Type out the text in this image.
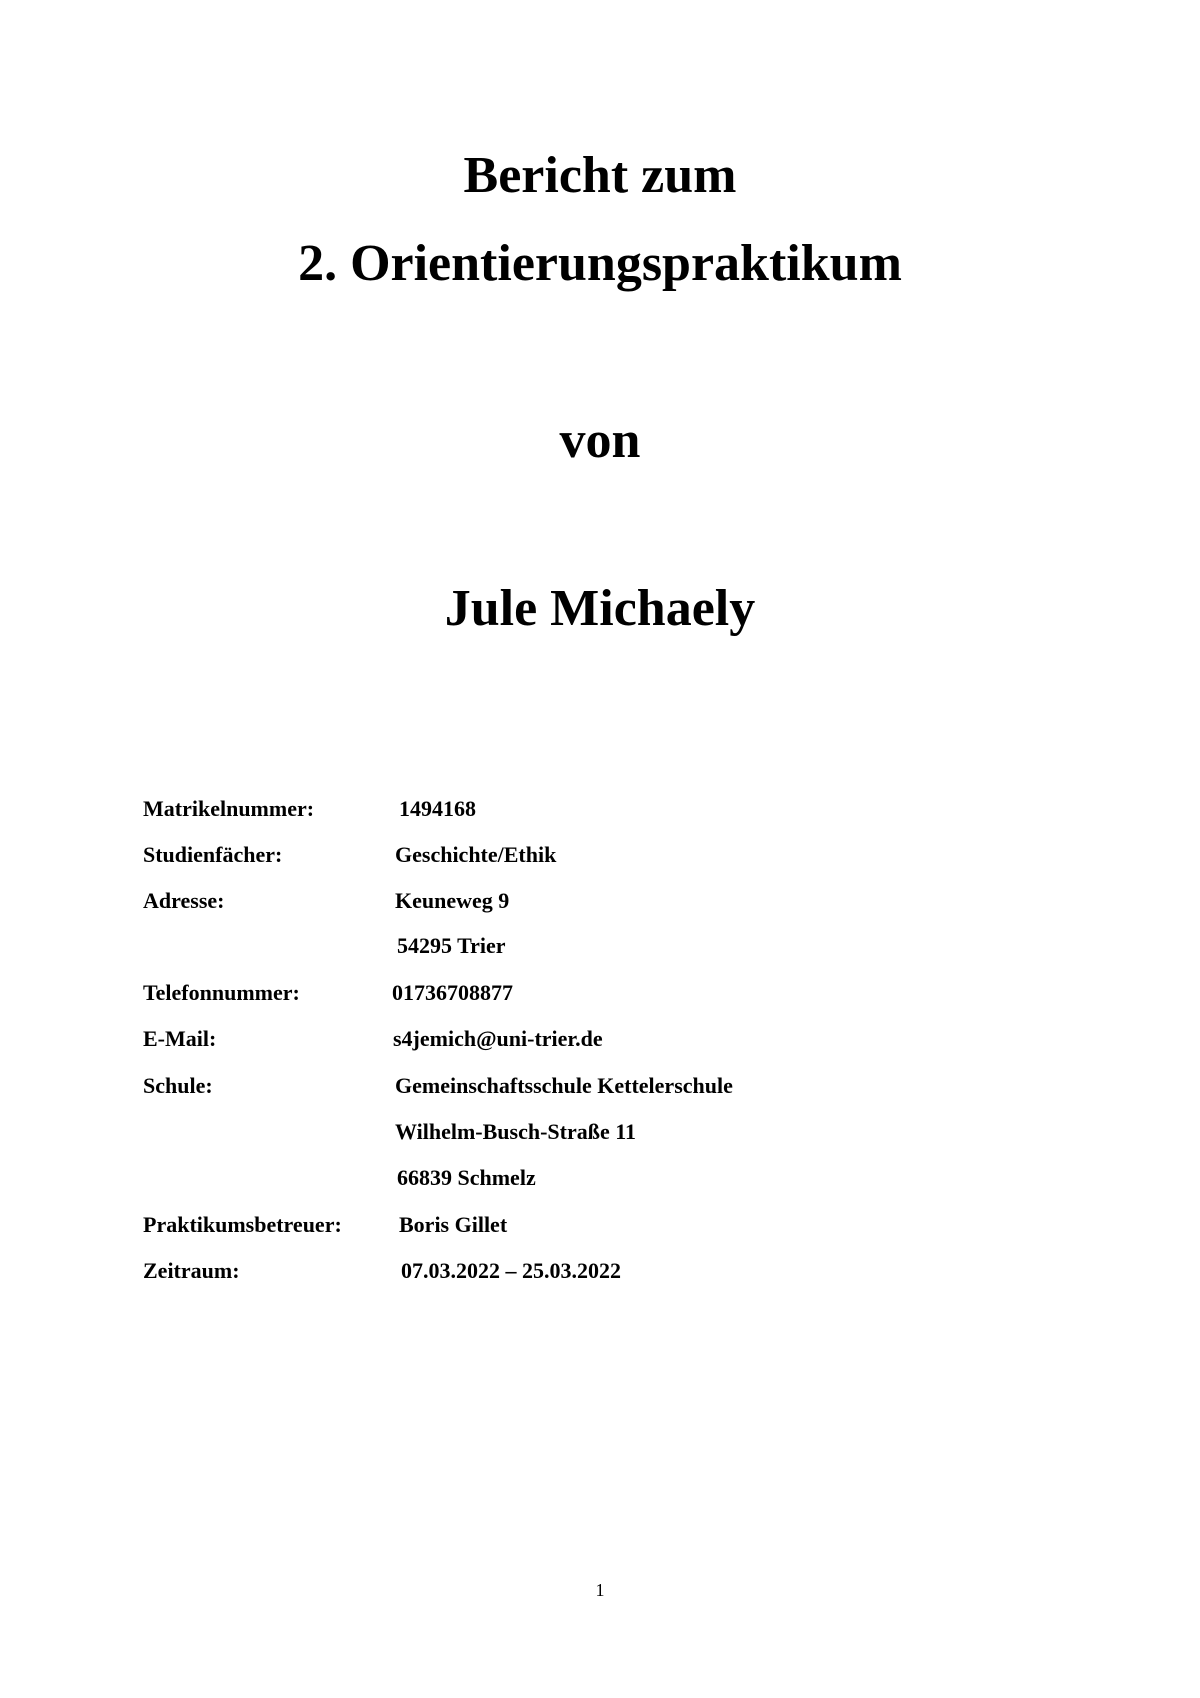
Bericht zum
2. Orientierungspraktikum
von
Jule Michaely
Matrikelnummer:	1494168
Studienfächer:	Geschichte/Ethik
Adresse:	Keuneweg 9
54295 Trier
Telefonnummer:	01736708877
E-Mail:	s4jemich@uni-trier.de
Schule:	Gemeinschaftsschule Kettelerschule
Wilhelm-Busch-Straße 11
66839 Schmelz
Praktikumsbetreuer:	Boris Gillet
Zeitraum:	07.03.2022 – 25.03.2022
1
